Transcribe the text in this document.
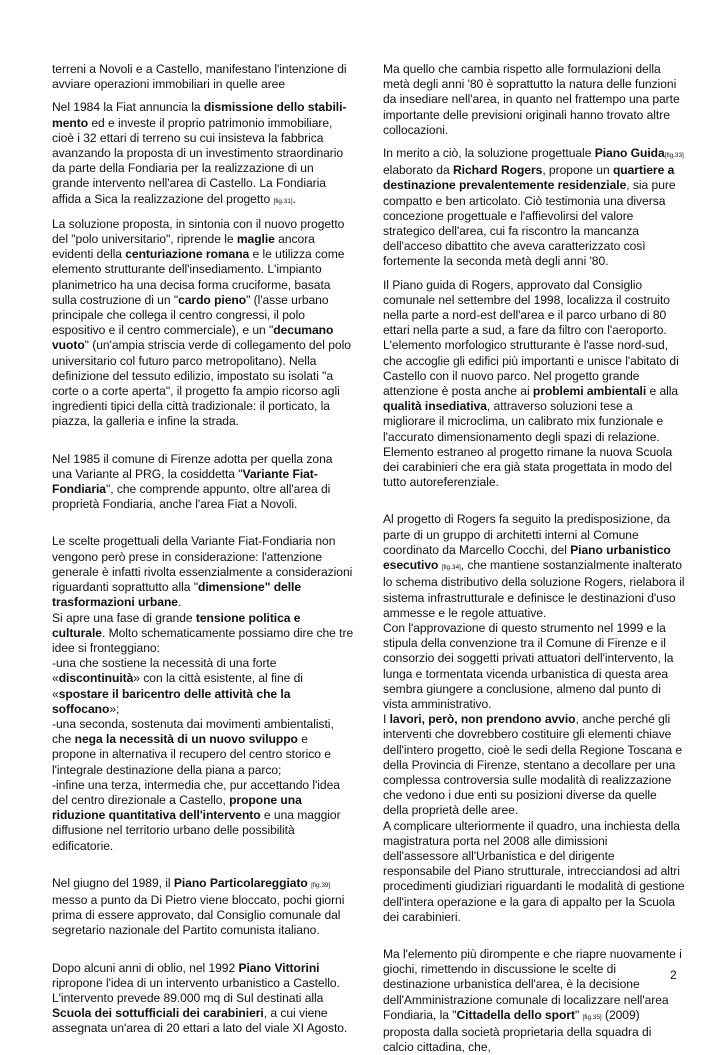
terreni a Novoli e a Castello, manifestano l'intenzione di avviare operazioni immobiliari in quelle aree

Nel 1984 la Fiat annuncia la dismissione dello stabili-mento ed e investe il proprio patrimonio immobiliare, cioè i 32 ettari di terreno su cui insisteva la fabbrica avanzando la proposta di un investimento straordinario da parte della Fondiaria per la realizzazione di un grande intervento nell'area di Castello. La Fondiaria affida a Sica la realizzazione del progetto [fig.31].

La soluzione proposta, in sintonia con il nuovo progetto del "polo universitario", riprende le maglie ancora evidenti della centuriazione romana e le utilizza come elemento strutturante dell'insediamento. L'impianto planimetrico ha una decisa forma cruciforme, basata sulla costruzione di un "cardo pieno" (l'asse urbano principale che collega il centro congressi, il polo espositivo e il centro commerciale), e un "decumano vuoto" (un'ampia striscia verde di collegamento del polo universitario col futuro parco metropolitano). Nella definizione del tessuto edilizio, impostato su isolati "a corte o a corte aperta", il progetto fa ampio ricorso agli ingredienti tipici della città tradizionale: il porticato, la piazza, la galleria e infine la strada.

Nel 1985 il comune di Firenze adotta per quella zona una Variante al PRG, la cosiddetta "Variante Fiat-Fondiaria", che comprende appunto, oltre all'area di proprietà Fondiaria, anche l'area Fiat a Novoli.

Le scelte progettuali della Variante Fiat-Fondiaria non vengono però prese in considerazione: l'attenzione generale è infatti rivolta essenzialmente a considerazioni riguardanti soprattutto alla "dimensione" delle trasformazioni urbane.

Si apre una fase di grande tensione politica e culturale. Molto schematicamente possiamo dire che tre idee si fronteggiano:

-una che sostiene la necessità di una forte «discontinuità» con la città esistente, al fine di «spostare il baricentro delle attività che la soffocano»;

-una seconda, sostenuta dai movimenti ambientalisti, che nega la necessità di un nuovo sviluppo e propone in alternativa il recupero del centro storico e l'integrale destinazione della piana a parco;

-infine una terza, intermedia che, pur accettando l'idea del centro direzionale a Castello, propone una riduzione quantitativa dell'intervento e una maggior diffusione nel territorio urbano delle possibilità edificatorie.

Nel giugno del 1989, il Piano Particolareggiato [fig.39] messo a punto da Di Pietro viene bloccato, pochi giorni prima di essere approvato, dal Consiglio comunale dal segretario nazionale del Partito comunista italiano.

Dopo alcuni anni di oblio, nel 1992 Piano Vittorini ripropone l'idea di un intervento urbanistico a Castello. L'intervento prevede 89.000 mq di Sul destinati alla Scuola dei sottufficiali dei carabinieri, a cui viene assegnata un'area di 20 ettari a lato del viale XI Agosto.

Ma quello che cambia rispetto alle formulazioni della metà degli anni '80 è soprattutto la natura delle funzioni da insediare nell'area, in quanto nel frattempo una parte importante delle previsioni originali hanno trovato altre collocazioni.

In merito a ciò, la soluzione progettuale Piano Guida[fig.33] elaborato da Richard Rogers, propone un quartiere a destinazione prevalentemente residenziale, sia pure compatto e ben articolato. Ciò testimonia una diversa concezione progettuale e l'affievolirsi del valore strategico dell'area, cui fa riscontro la mancanza dell'acceso dibattito che aveva caratterizzato così fortemente la seconda metà degli anni '80.

Il Piano guida di Rogers, approvato dal Consiglio comunale nel settembre del 1998, localizza il costruito nella parte a nord-est dell'area e il parco urbano di 80 ettari nella parte a sud, a fare da filtro con l'aeroporto.

L'elemento morfologico strutturante è l'asse nord-sud, che accoglie gli edifici più importanti e unisce l'abitato di Castello con il nuovo parco. Nel progetto grande attenzione è posta anche ai problemi ambientali e alla qualità insediativa, attraverso soluzioni tese a migliorare il microclima, un calibrato mix funzionale e l'accurato dimensionamento degli spazi di relazione. Elemento estraneo al progetto rimane la nuova Scuola dei carabinieri che era già stata progettata in modo del tutto autoreferenziale.

Al progetto di Rogers fa seguito la predisposizione, da parte di un gruppo di architetti interni al Comune coordinato da Marcello Cocchi, del Piano urbanistico esecutivo [fig.34], che mantiene sostanzialmente inalterato lo schema distributivo della soluzione Rogers, rielabora il sistema infrastrutturale e definisce le destinazioni d'uso ammesse e le regole attuative.

Con l'approvazione di questo strumento nel 1999 e la stipula della convenzione tra il Comune di Firenze e il consorzio dei soggetti privati attuatori dell'intervento, la lunga e tormentata vicenda urbanistica di questa area sembra giungere a conclusione, almeno dal punto di vista amministrativo.

I lavori, però, non prendono avvio, anche perché gli interventi che dovrebbero costituire gli elementi chiave dell'intero progetto, cioè le sedi della Regione Toscana e della Provincia di Firenze, stentano a decollare per una complessa controversia sulle modalità di realizzazione che vedono i due enti su posizioni diverse da quelle della proprietà delle aree.

A complicare ulteriormente il quadro, una inchiesta della magistratura porta nel 2008 alle dimissioni dell'assessore all'Urbanistica e del dirigente responsabile del Piano strutturale, intrecciandosi ad altri procedimenti giudiziari riguardanti le modalità di gestione dell'intera operazione e la gara di appalto per la Scuola dei carabinieri.

Ma l'elemento più dirompente e che riapre nuovamente i giochi, rimettendo in discussione le scelte di destinazione urbanistica dell'area, è la decisione dell'Amministrazione comunale di localizzare nell'area Fondiaria, la "Cittadella dello sport" [fig.35] (2009) proposta dalla società proprietaria della squadra di calcio cittadina, che,

2
